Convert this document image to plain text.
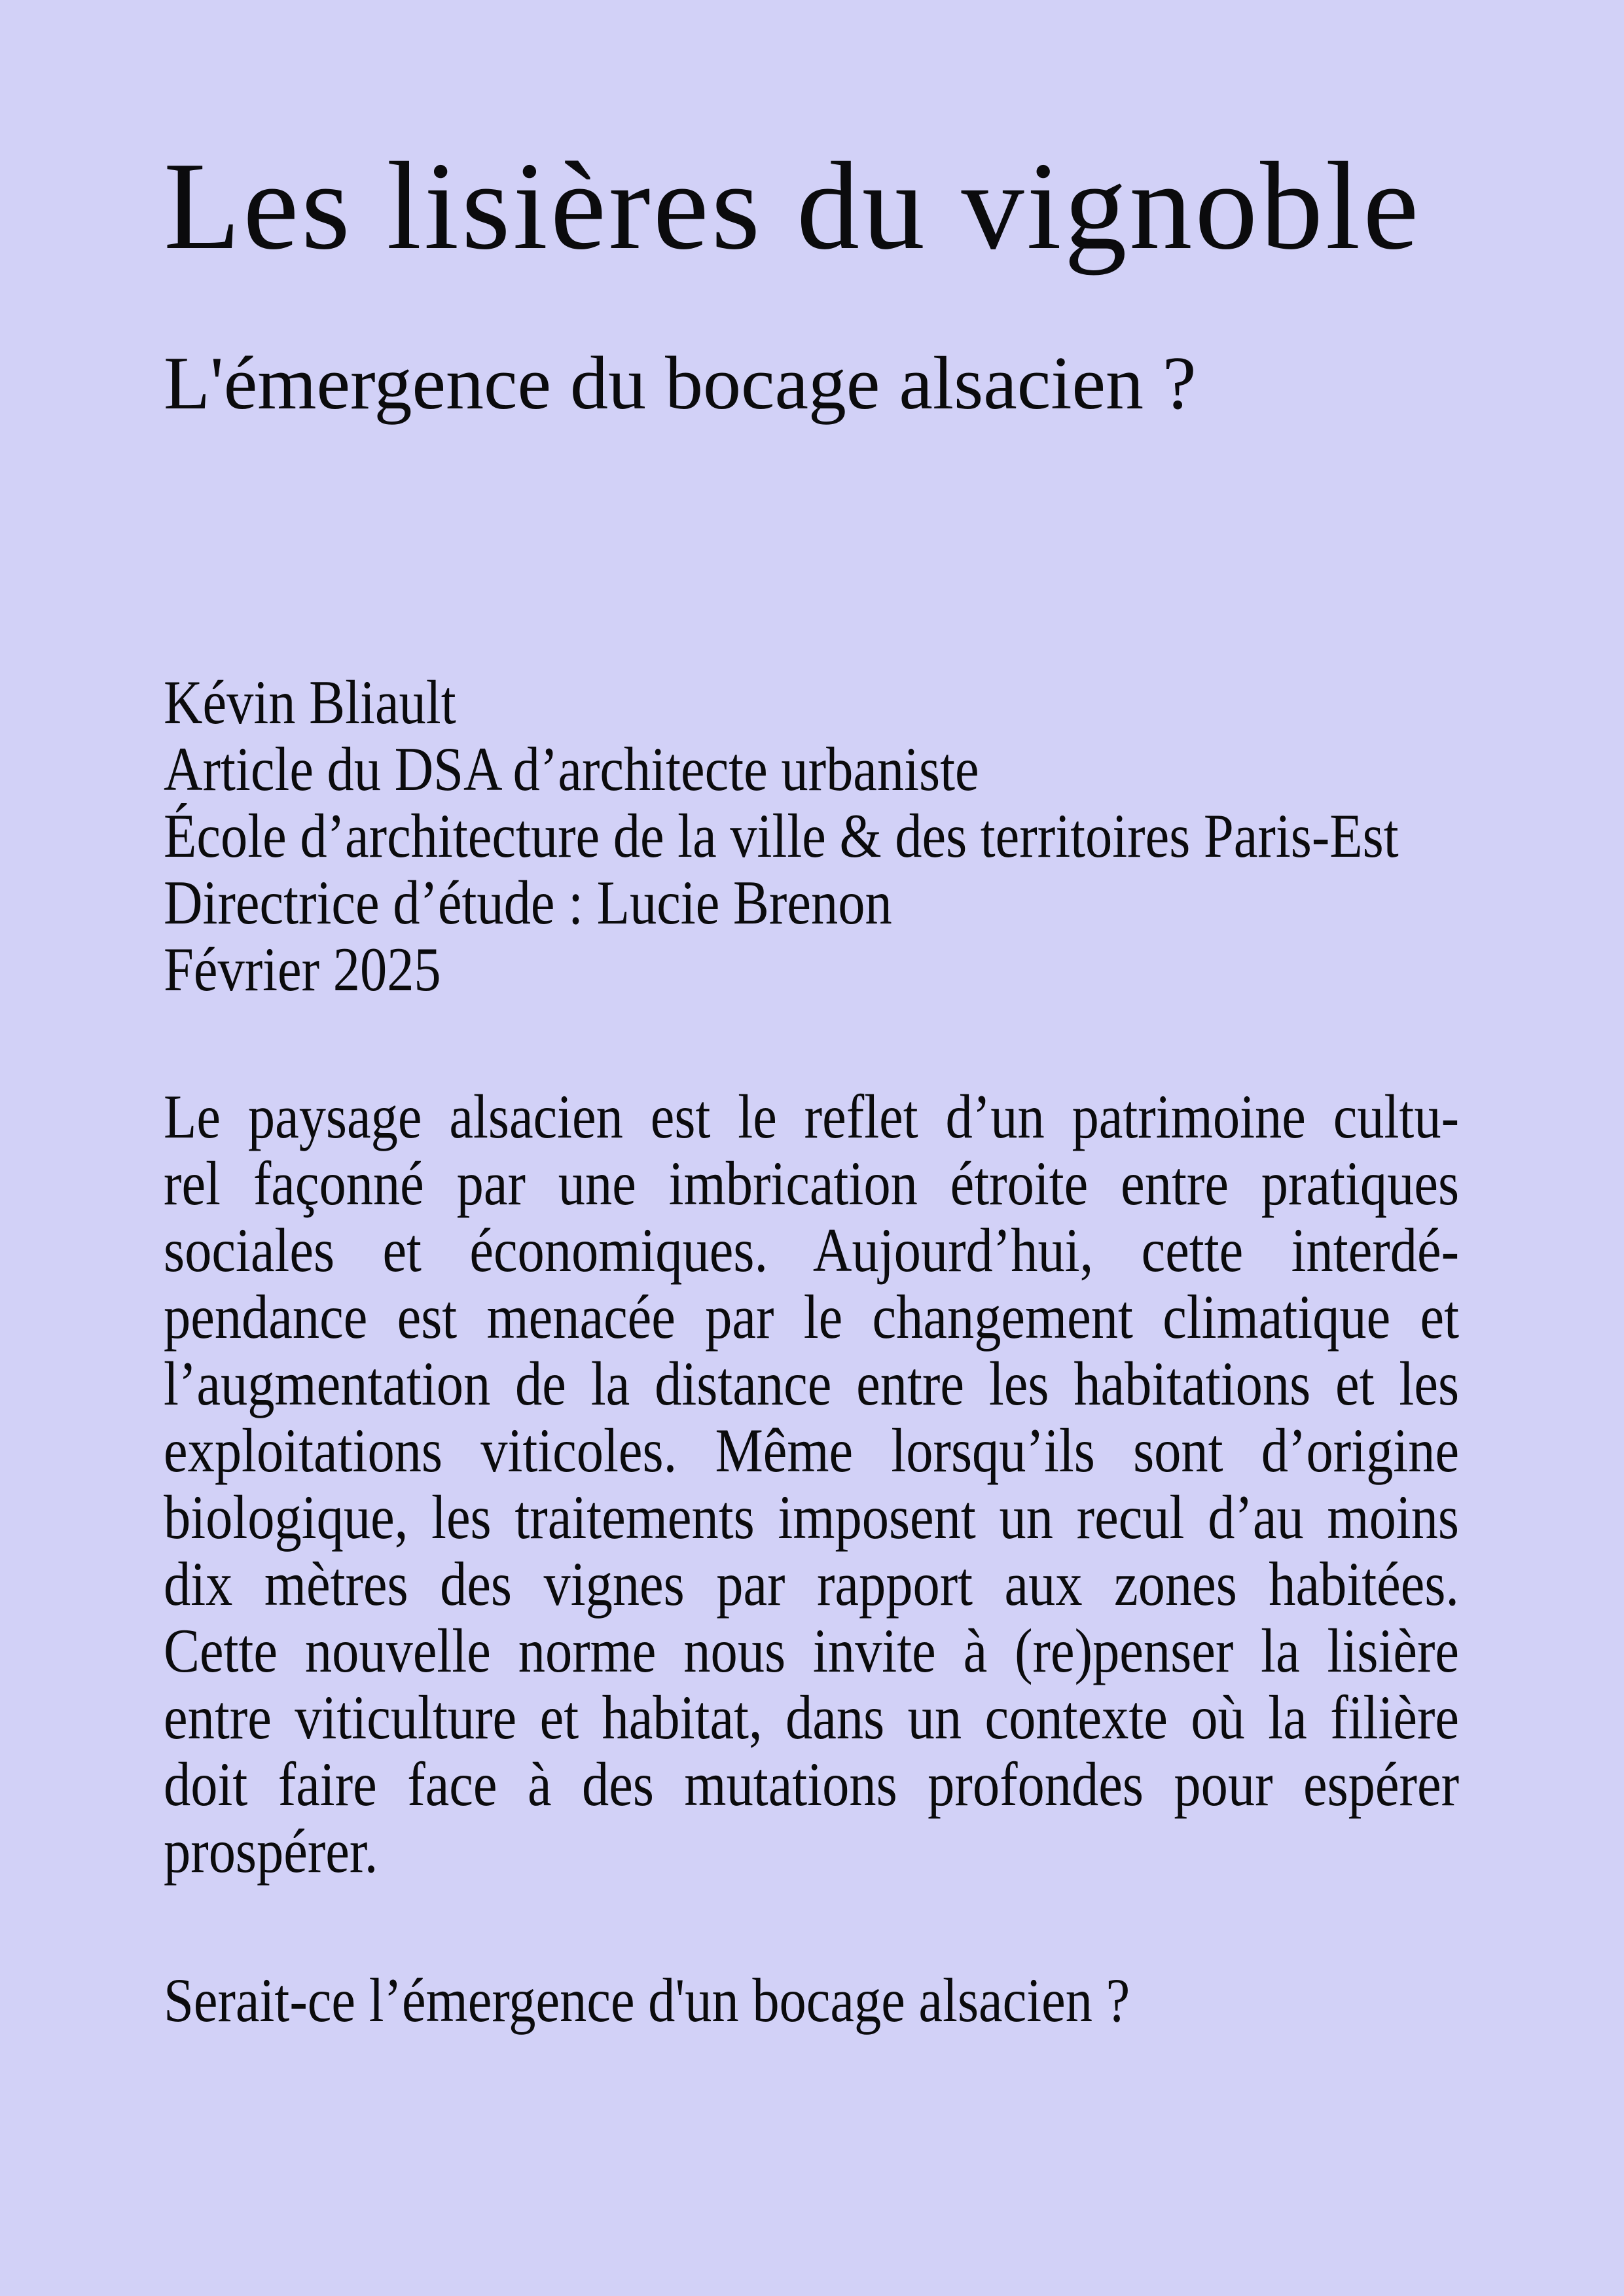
Les lisières du vignoble
L'émergence du bocage alsacien ?
Kévin Bliault
Article du DSA d’architecte urbaniste
École d’architecture de la ville & des territoires Paris-Est
Directrice d’étude : Lucie Brenon
Février 2025
Le paysage alsacien est le reflet d’un patrimoine cultu-
rel façonné par une imbrication étroite entre pratiques
sociales et économiques. Aujourd’hui, cette interdé-
pendance est menacée par le changement climatique et
l’augmentation de la distance entre les habitations et les
exploitations viticoles. Même lorsqu’ils sont d’origine
biologique, les traitements imposent un recul d’au moins
dix mètres des vignes par rapport aux zones habitées.
Cette nouvelle norme nous invite à (re)penser la lisière
entre viticulture et habitat, dans un contexte où la filière
doit faire face à des mutations profondes pour espérer
prospérer.
Serait-ce l’émergence d'un bocage alsacien ?
